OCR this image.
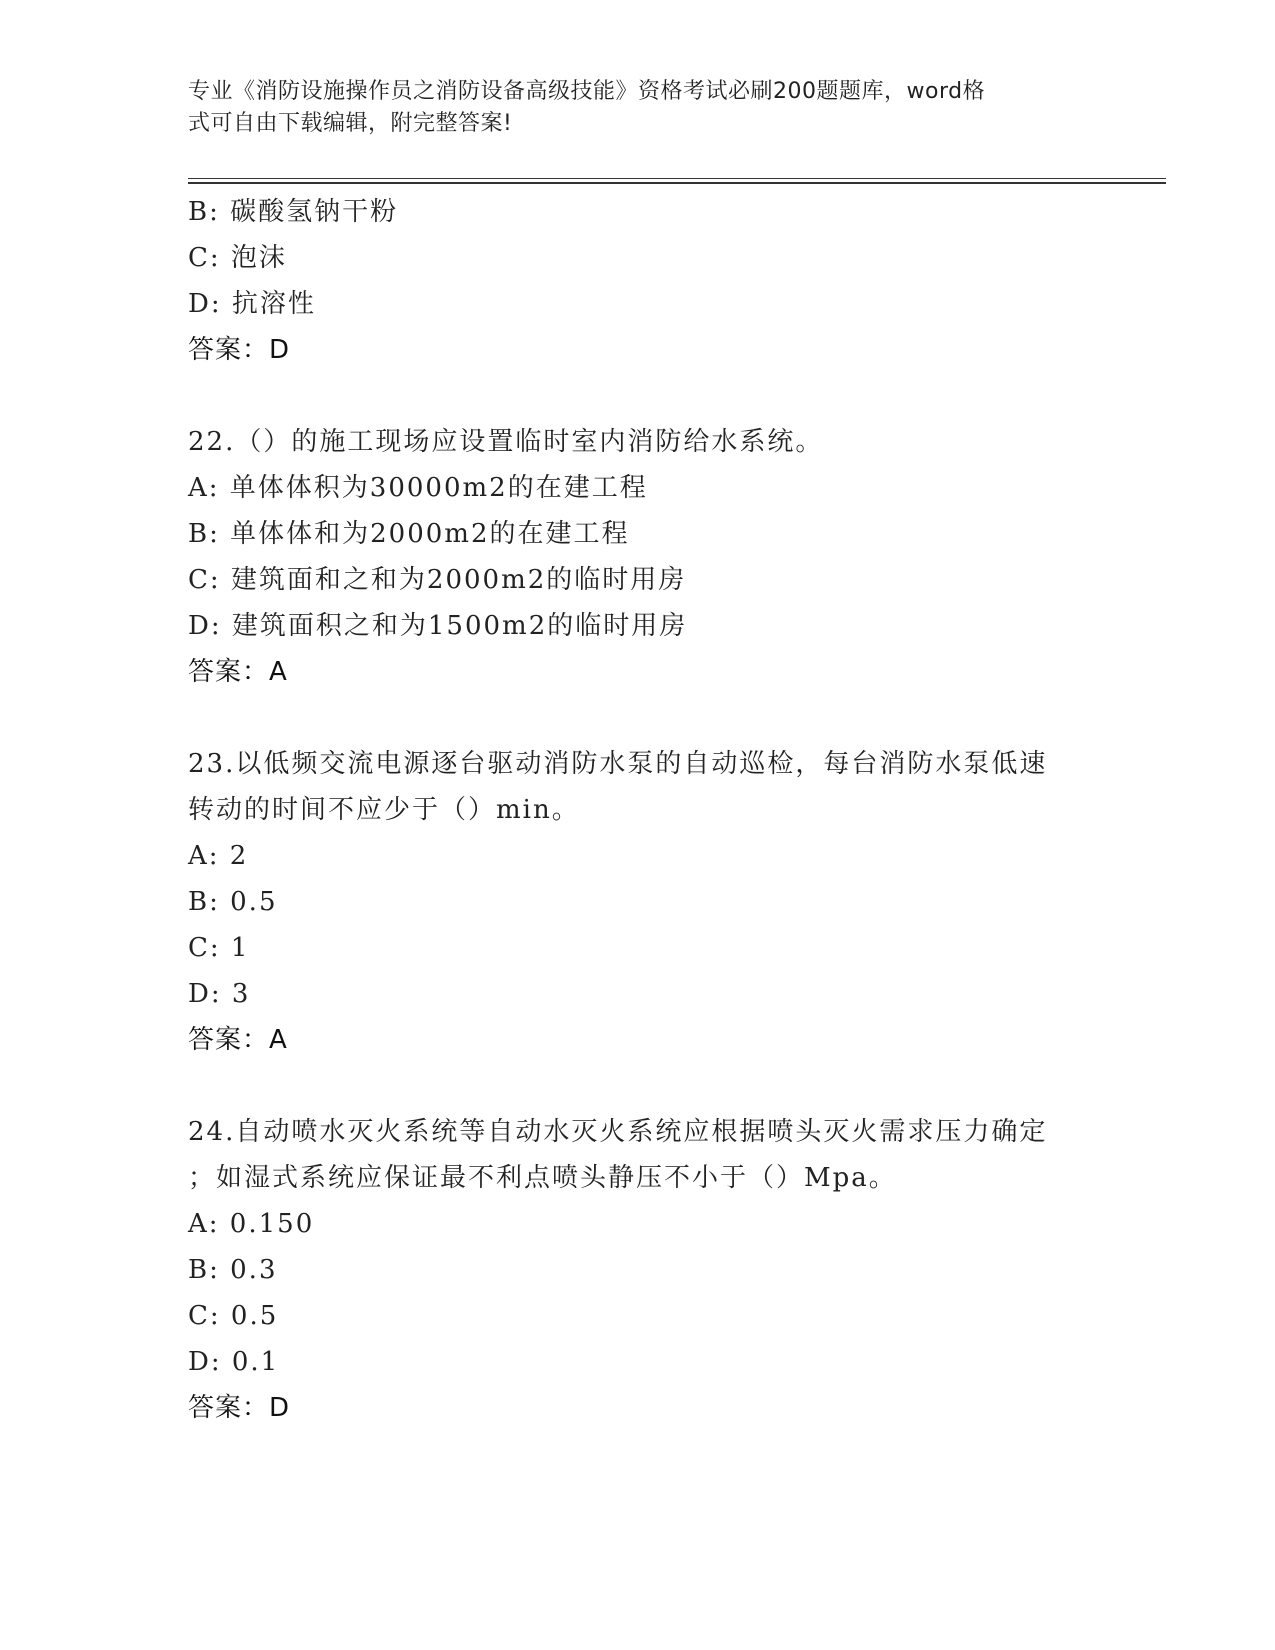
专业《消防设施操作员之消防设备高级技能》资格考试必刷200题题库，word格
式可自由下载编辑，附完整答案!
B: 碳酸氢钠干粉
C: 泡沫
D: 抗溶性
答案：D
22.（）的施工现场应设置临时室内消防给水系统。
A: 单体体积为30000m2的在建工程
B: 单体体和为2000m2的在建工程
C: 建筑面和之和为2000m2的临时用房
D: 建筑面积之和为1500m2的临时用房
答案：A
23.以低频交流电源逐台驱动消防水泵的自动巡检，每台消防水泵低速
转动的时间不应少于（）min。
A: 2
B: 0.5
C: 1
D: 3
答案：A
24.自动喷水灭火系统等自动水灭火系统应根据喷头灭火需求压力确定
；如湿式系统应保证最不利点喷头静压不小于（）Mpa。
A: 0.150
B: 0.3
C: 0.5
D: 0.1
答案：D
